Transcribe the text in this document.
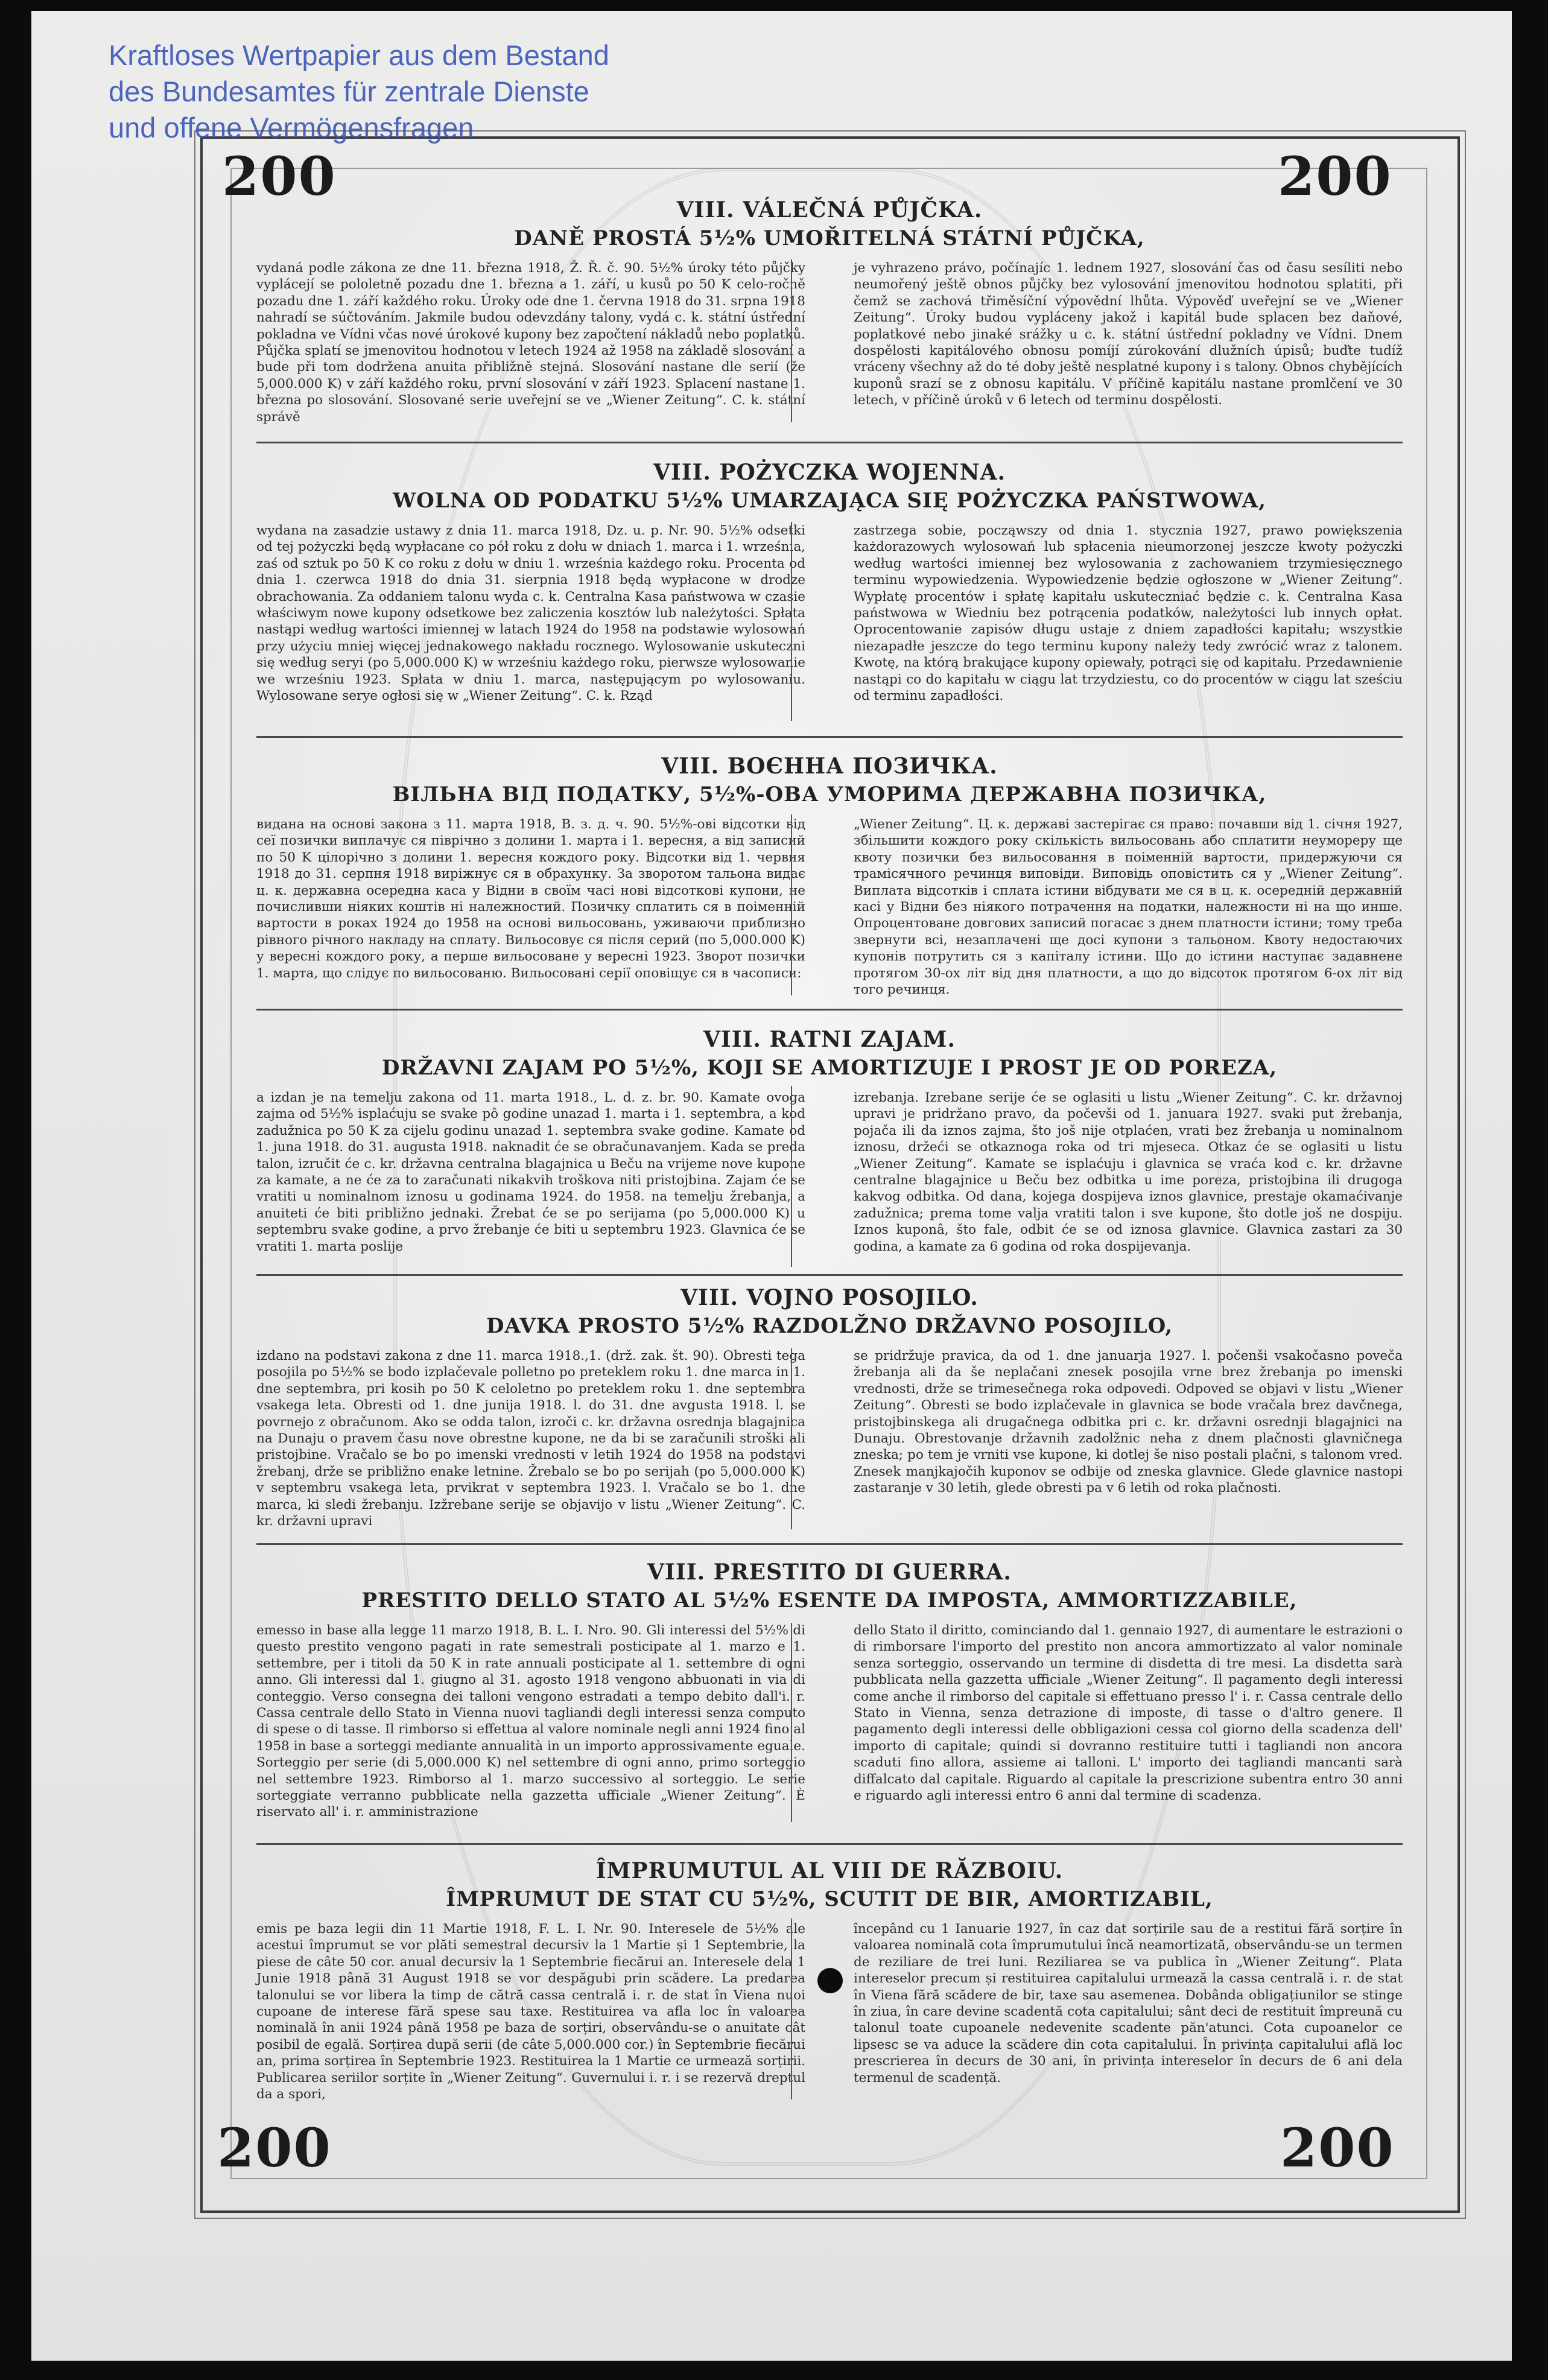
Kraftloses Wertpapier aus dem Bestand
des Bundesamtes für zentrale Dienste
und offene Vermögensfragen
200	200
200	200
VIII. VÁLEČNÁ PŮJČKA.
DANĚ PROSTÁ 5½% UMOŘITELNÁ STÁTNÍ PŮJČKA,
vydaná podle zákona ze dne 11. března 1918, Ž. Ř. č. 90. 5½% úroky této půjčky vyplácejí se pololetně pozadu dne 1. března a 1. září, u kusů po 50 K celo-ročně pozadu dne 1. září každého roku. Úroky ode dne 1. června 1918 do 31. srpna 1918 nahradí se súčtováním. Jakmile budou odevzdány talony, vydá c. k. státní ústřední pokladna ve Vídni včas nové úrokové kupony bez započtení nákladů nebo poplatků. Půjčka splatí se jmenovitou hodnotou v letech 1924 až 1958 na základě slosování a bude při tom dodržena anuita přibližně stejná. Slosování nastane dle serií (že 5,000.000 K) v září každého roku, první slosování v září 1923. Splacení nastane 1. března po slosování. Slosované serie uveřejní se ve „Wiener Zeitung“. C. k. státní správě
je vyhrazeno právo, počínajíc 1. lednem 1927, slosování čas od času sesíliti nebo neumořený ještě obnos půjčky bez vylosování jmenovitou hodnotou splatiti, při čemž se zachová třiměsíční výpovědní lhůta. Výpověď uveřejní se ve „Wiener Zeitung“. Úroky budou vypláceny jakož i kapitál bude splacen bez daňové, poplatkové nebo jinaké srážky u c. k. státní ústřední pokladny ve Vídni. Dnem dospělosti kapitálového obnosu pomíjí zúrokování dlužních úpisů; buďte tudíž vráceny všechny až do té doby ještě nesplatné kupony i s talony. Obnos chybějících kuponů srazí se z obnosu kapitálu. V příčině kapitálu nastane promlčení ve 30 letech, v příčině úroků v 6 letech od terminu dospělosti.
VIII. POŻYCZKA WOJENNA.
WOLNA OD PODATKU 5½% UMARZAJĄCA SIĘ POŻYCZKA PAŃSTWOWA,
wydana na zasadzie ustawy z dnia 11. marca 1918, Dz. u. p. Nr. 90. 5½% odsetki od tej pożyczki będą wypłacane co pół roku z dołu w dniach 1. marca i 1. września, zaś od sztuk po 50 K co roku z dołu w dniu 1. września każdego roku. Procenta od dnia 1. czerwca 1918 do dnia 31. sierpnia 1918 będą wypłacone w drodze obrachowania. Za oddaniem talonu wyda c. k. Centralna Kasa państwowa w czasie właściwym nowe kupony odsetkowe bez zaliczenia kosztów lub należytości. Spłata nastąpi według wartości imiennej w latach 1924 do 1958 na podstawie wylosowań przy użyciu mniej więcej jednakowego nakładu rocznego. Wylosowanie uskuteczni się według seryi (po 5,000.000 K) w wrześniu każdego roku, pierwsze wylosowanie we wrześniu 1923. Spłata w dniu 1. marca, następującym po wylosowaniu. Wylosowane serye ogłosi się w „Wiener Zeitung“. C. k. Rząd
zastrzega sobie, począwszy od dnia 1. stycznia 1927, prawo powiększenia każdorazowych wylosowań lub spłacenia nieumorzonej jeszcze kwoty pożyczki według wartości imiennej bez wylosowania z zachowaniem trzymiesięcznego terminu wypowiedzenia. Wypowiedzenie będzie ogłoszone w „Wiener Zeitung“. Wypłatę procentów i spłatę kapitału uskuteczniać będzie c. k. Centralna Kasa państwowa w Wiedniu bez potrącenia podatków, należytości lub innych opłat. Oprocentowanie zapisów długu ustaje z dniem zapadłości kapitału; wszystkie niezapadłe jeszcze do tego terminu kupony należy tedy zwrócić wraz z talonem. Kwotę, na którą brakujące kupony opiewały, potrąci się od kapitału. Przedawnienie nastąpi co do kapitału w ciągu lat trzydziestu, co do procentów w ciągu lat sześciu od terminu zapadłości.
VIII. ВОЄННА ПОЗИЧКА.
ВІЛЬНА ВІД ПОДАТКУ, 5½%-ОВА УМОРИМА ДЕРЖАВНА ПОЗИЧКА,
видана на основі закона з 11. марта 1918, В. з. д. ч. 90. 5½%-ові відсотки від сеї позички виплачує ся піврічно з долини 1. марта і 1. вересня, а від записий по 50 K цілорічно з долини 1. вересня кождого року. Відсотки від 1. червня 1918 до 31. серпня 1918 виріжнує ся в обрахунку. За зворотом тальона видає ц. к. державна осередна каса у Відни в своїм часі нові відсоткові купони, не почисливши ніяких коштів ні належностий. Позичку сплатить ся в поіменній вартости в роках 1924 до 1958 на основі вильосовань, уживаючи приблизно рівного річного накладу на сплату. Вильосовує ся після серий (по 5,000.000 K) у вересні кождого року, а перше вильосоване у вересні 1923. Зворот позички 1. марта, що слідує по вильосованю. Вильосовані серії оповіщує ся в часописи:
„Wiener Zeitung“. Ц. к. державі застерігає ся право: почавши від 1. січня 1927, збільшити кождого року скількість вильосовань або сплатити неумореру ще квоту позички без вильосовання в поіменній вартости, придержуючи ся трамісячного речинця виповіди. Виповідь оповістить ся у „Wiener Zeitung“. Виплата відсотків і сплата істини вібдувати ме ся в ц. к. осередній державній касі у Відни без ніякого потрачення на податки, належности ні на що инше. Опроцентоване довгових записий погасає з днем платности істини; тому треба звернути всі, незаплачені ще досі купони з тальоном. Квоту недостаючих купонів потрутить ся з капіталу істини. Що до істини наступає задавнене протягом 30-ох літ від дня платности, а що до відсоток протягом 6-ох літ від того речинця.
VIII. RATNI ZAJAM.
DRŽAVNI ZAJAM PO 5½%, KOJI SE AMORTIZUJE I PROST JE OD POREZA,
a izdan je na temelju zakona od 11. marta 1918., L. d. z. br. 90. Kamate ovoga zajma od 5½% isplaćuju se svake pô godine unazad 1. marta i 1. septembra, a kod zadužnica po 50 K za cijelu godinu unazad 1. septembra svake godine. Kamate od 1. juna 1918. do 31. augusta 1918. naknadit će se obračunavanjem. Kada se preda talon, izručit će c. kr. državna centralna blagajnica u Beču na vrijeme nove kupone za kamate, a ne će za to zaračunati nikakvih troškova niti pristojbina. Zajam će se vratiti u nominalnom iznosu u godinama 1924. do 1958. na temelju žrebanja, a anuiteti će biti približno jednaki. Žrebat će se po serijama (po 5,000.000 K) u septembru svake godine, a prvo žrebanje će biti u septembru 1923. Glavnica će se vratiti 1. marta poslije
izrebanja. Izrebane serije će se oglasiti u listu „Wiener Zeitung“. C. kr. državnoj upravi je pridržano pravo, da počevši od 1. januara 1927. svaki put žrebanja, pojača ili da iznos zajma, što još nije otplaćen, vrati bez žrebanja u nominalnom iznosu, držeći se otkaznoga roka od tri mjeseca. Otkaz će se oglasiti u listu „Wiener Zeitung“. Kamate se isplaćuju i glavnica se vraća kod c. kr. državne centralne blagajnice u Beču bez odbitka u ime poreza, pristojbina ili drugoga kakvog odbitka. Od dana, kojega dospijeva iznos glavnice, prestaje okamaćivanje zadužnica; prema tome valja vratiti talon i sve kupone, što dotle još ne dospiju. Iznos kuponâ, što fale, odbit će se od iznosa glavnice. Glavnica zastari za 30 godina, a kamate za 6 godina od roka dospijevanja.
VIII. VOJNO POSOJILO.
DAVKA PROSTO 5½% RAZDOLŽNO DRŽAVNO POSOJILO,
izdano na podstavi zakona z dne 11. marca 1918.,1. (drž. zak. št. 90). Obresti tega posojila po 5½% se bodo izplačevale polletno po preteklem roku 1. dne marca in 1. dne septembra, pri kosih po 50 K celoletno po preteklem roku 1. dne septembra vsakega leta. Obresti od 1. dne junija 1918. l. do 31. dne avgusta 1918. l. se povrnejo z obračunom. Ako se odda talon, izroči c. kr. državna osrednja blagajnica na Dunaju o pravem času nove obrestne kupone, ne da bi se zaračunili stroški ali pristojbine. Vračalo se bo po imenski vrednosti v letih 1924 do 1958 na podstavi žrebanj, drže se približno enake letnine. Žrebalo se bo po serijah (po 5,000.000 K) v septembru vsakega leta, prvikrat v septembra 1923. l. Vračalo se bo 1. dne marca, ki sledi žrebanju. Izžrebane serije se objavijo v listu „Wiener Zeitung“. C. kr. državni upravi
se pridržuje pravica, da od 1. dne januarja 1927. l. počenši vsakočasno poveča žrebanja ali da še neplačani znesek posojila vrne brez žrebanja po imenski vrednosti, drže se trimesečnega roka odpovedi. Odpoved se objavi v listu „Wiener Zeitung“. Obresti se bodo izplačevale in glavnica se bode vračala brez davčnega, pristojbinskega ali drugačnega odbitka pri c. kr. državni osrednji blagajnici na Dunaju. Obrestovanje državnih zadolžnic neha z dnem plačnosti glavničnega zneska; po tem je vrniti vse kupone, ki dotlej še niso postali plačni, s talonom vred. Znesek manjkajočih kuponov se odbije od zneska glavnice. Glede glavnice nastopi zastaranje v 30 letih, glede obresti pa v 6 letih od roka plačnosti.
VIII. PRESTITO DI GUERRA.
PRESTITO DELLO STATO AL 5½% ESENTE DA IMPOSTA, AMMORTIZZABILE,
emesso in base alla legge 11 marzo 1918, B. L. I. Nro. 90. Gli interessi del 5½% di questo prestito vengono pagati in rate semestrali posticipate al 1. marzo e 1. settembre, per i titoli da 50 K in rate annuali posticipate al 1. settembre di ogni anno. Gli interessi dal 1. giugno al 31. agosto 1918 vengono abbuonati in via di conteggio. Verso consegna dei talloni vengono estradati a tempo debito dall'i. r. Cassa centrale dello Stato in Vienna nuovi tagliandi degli interessi senza computo di spese o di tasse. Il rimborso si effettua al valore nominale negli anni 1924 fino al 1958 in base a sorteggi mediante annualità in un importo approssivamente eguale. Sorteggio per serie (di 5,000.000 K) nel settembre di ogni anno, primo sorteggio nel settembre 1923. Rimborso al 1. marzo successivo al sorteggio. Le serie sorteggiate verranno pubblicate nella gazzetta ufficiale „Wiener Zeitung“. È riservato all' i. r. amministrazione
dello Stato il diritto, cominciando dal 1. gennaio 1927, di aumentare le estrazioni o di rimborsare l'importo del prestito non ancora ammortizzato al valor nominale senza sorteggio, osservando un termine di disdetta di tre mesi. La disdetta sarà pubblicata nella gazzetta ufficiale „Wiener Zeitung“. Il pagamento degli interessi come anche il rimborso del capitale si effettuano presso l' i. r. Cassa centrale dello Stato in Vienna, senza detrazione di imposte, di tasse o d'altro genere. Il pagamento degli interessi delle obbligazioni cessa col giorno della scadenza dell' importo di capitale; quindi si dovranno restituire tutti i tagliandi non ancora scaduti fino allora, assieme ai talloni. L' importo dei tagliandi mancanti sarà diffalcato dal capitale. Riguardo al capitale la prescrizione subentra entro 30 anni e riguardo agli interessi entro 6 anni dal termine di scadenza.
ÎMPRUMUTUL AL VIII DE RĂZBOIU.
ÎMPRUMUT DE STAT CU 5½%, SCUTIT DE BIR, AMORTIZABIL,
emis pe baza legii din 11 Martie 1918, F. L. I. Nr. 90. Interesele de 5½% ale acestui împrumut se vor plăti semestral decursiv la 1 Martie și 1 Septembrie, la piese de câte 50 cor. anual decursiv la 1 Septembrie fiecărui an. Interesele dela 1 Junie 1918 până 31 August 1918 se vor despăgubi prin scădere. La predarea talonului se vor libera la timp de cătră cassa centrală i. r. de stat în Viena nuoi cupoane de interese fără spese sau taxe. Restituirea va afla loc în valoarea nominală în anii 1924 până 1958 pe baza de sorțiri, observându-se o anuitate cât posibil de egală. Sorțirea după serii (de câte 5,000.000 cor.) în Septembrie fiecărui an, prima sorțirea în Septembrie 1923. Restituirea la 1 Martie ce urmează sorțirii. Publicarea seriilor sorțite în „Wiener Zeitung“. Guvernului i. r. i se rezervă dreptul da a spori,
începând cu 1 Ianuarie 1927, în caz dat sorțirile sau de a restitui fără sorțire în valoarea nominală cota împrumutului încă neamortizată, observându-se un termen de reziliare de trei luni. Reziliarea se va publica în „Wiener Zeitung“. Plata intereselor precum și restituirea capitalului urmează la cassa centrală i. r. de stat în Viena fără scădere de bir, taxe sau asemenea. Dobânda obligațiunilor se stinge în ziua, în care devine scadentă cota capitalului; sânt deci de restituit împreună cu talonul toate cupoanele nedevenite scadente păn'atunci. Cota cupoanelor ce lipsesc se va aduce la scădere din cota capitalului. În privința capitalului află loc prescrierea în decurs de 30 ani, în privința intereselor în decurs de 6 ani dela termenul de scadență.
